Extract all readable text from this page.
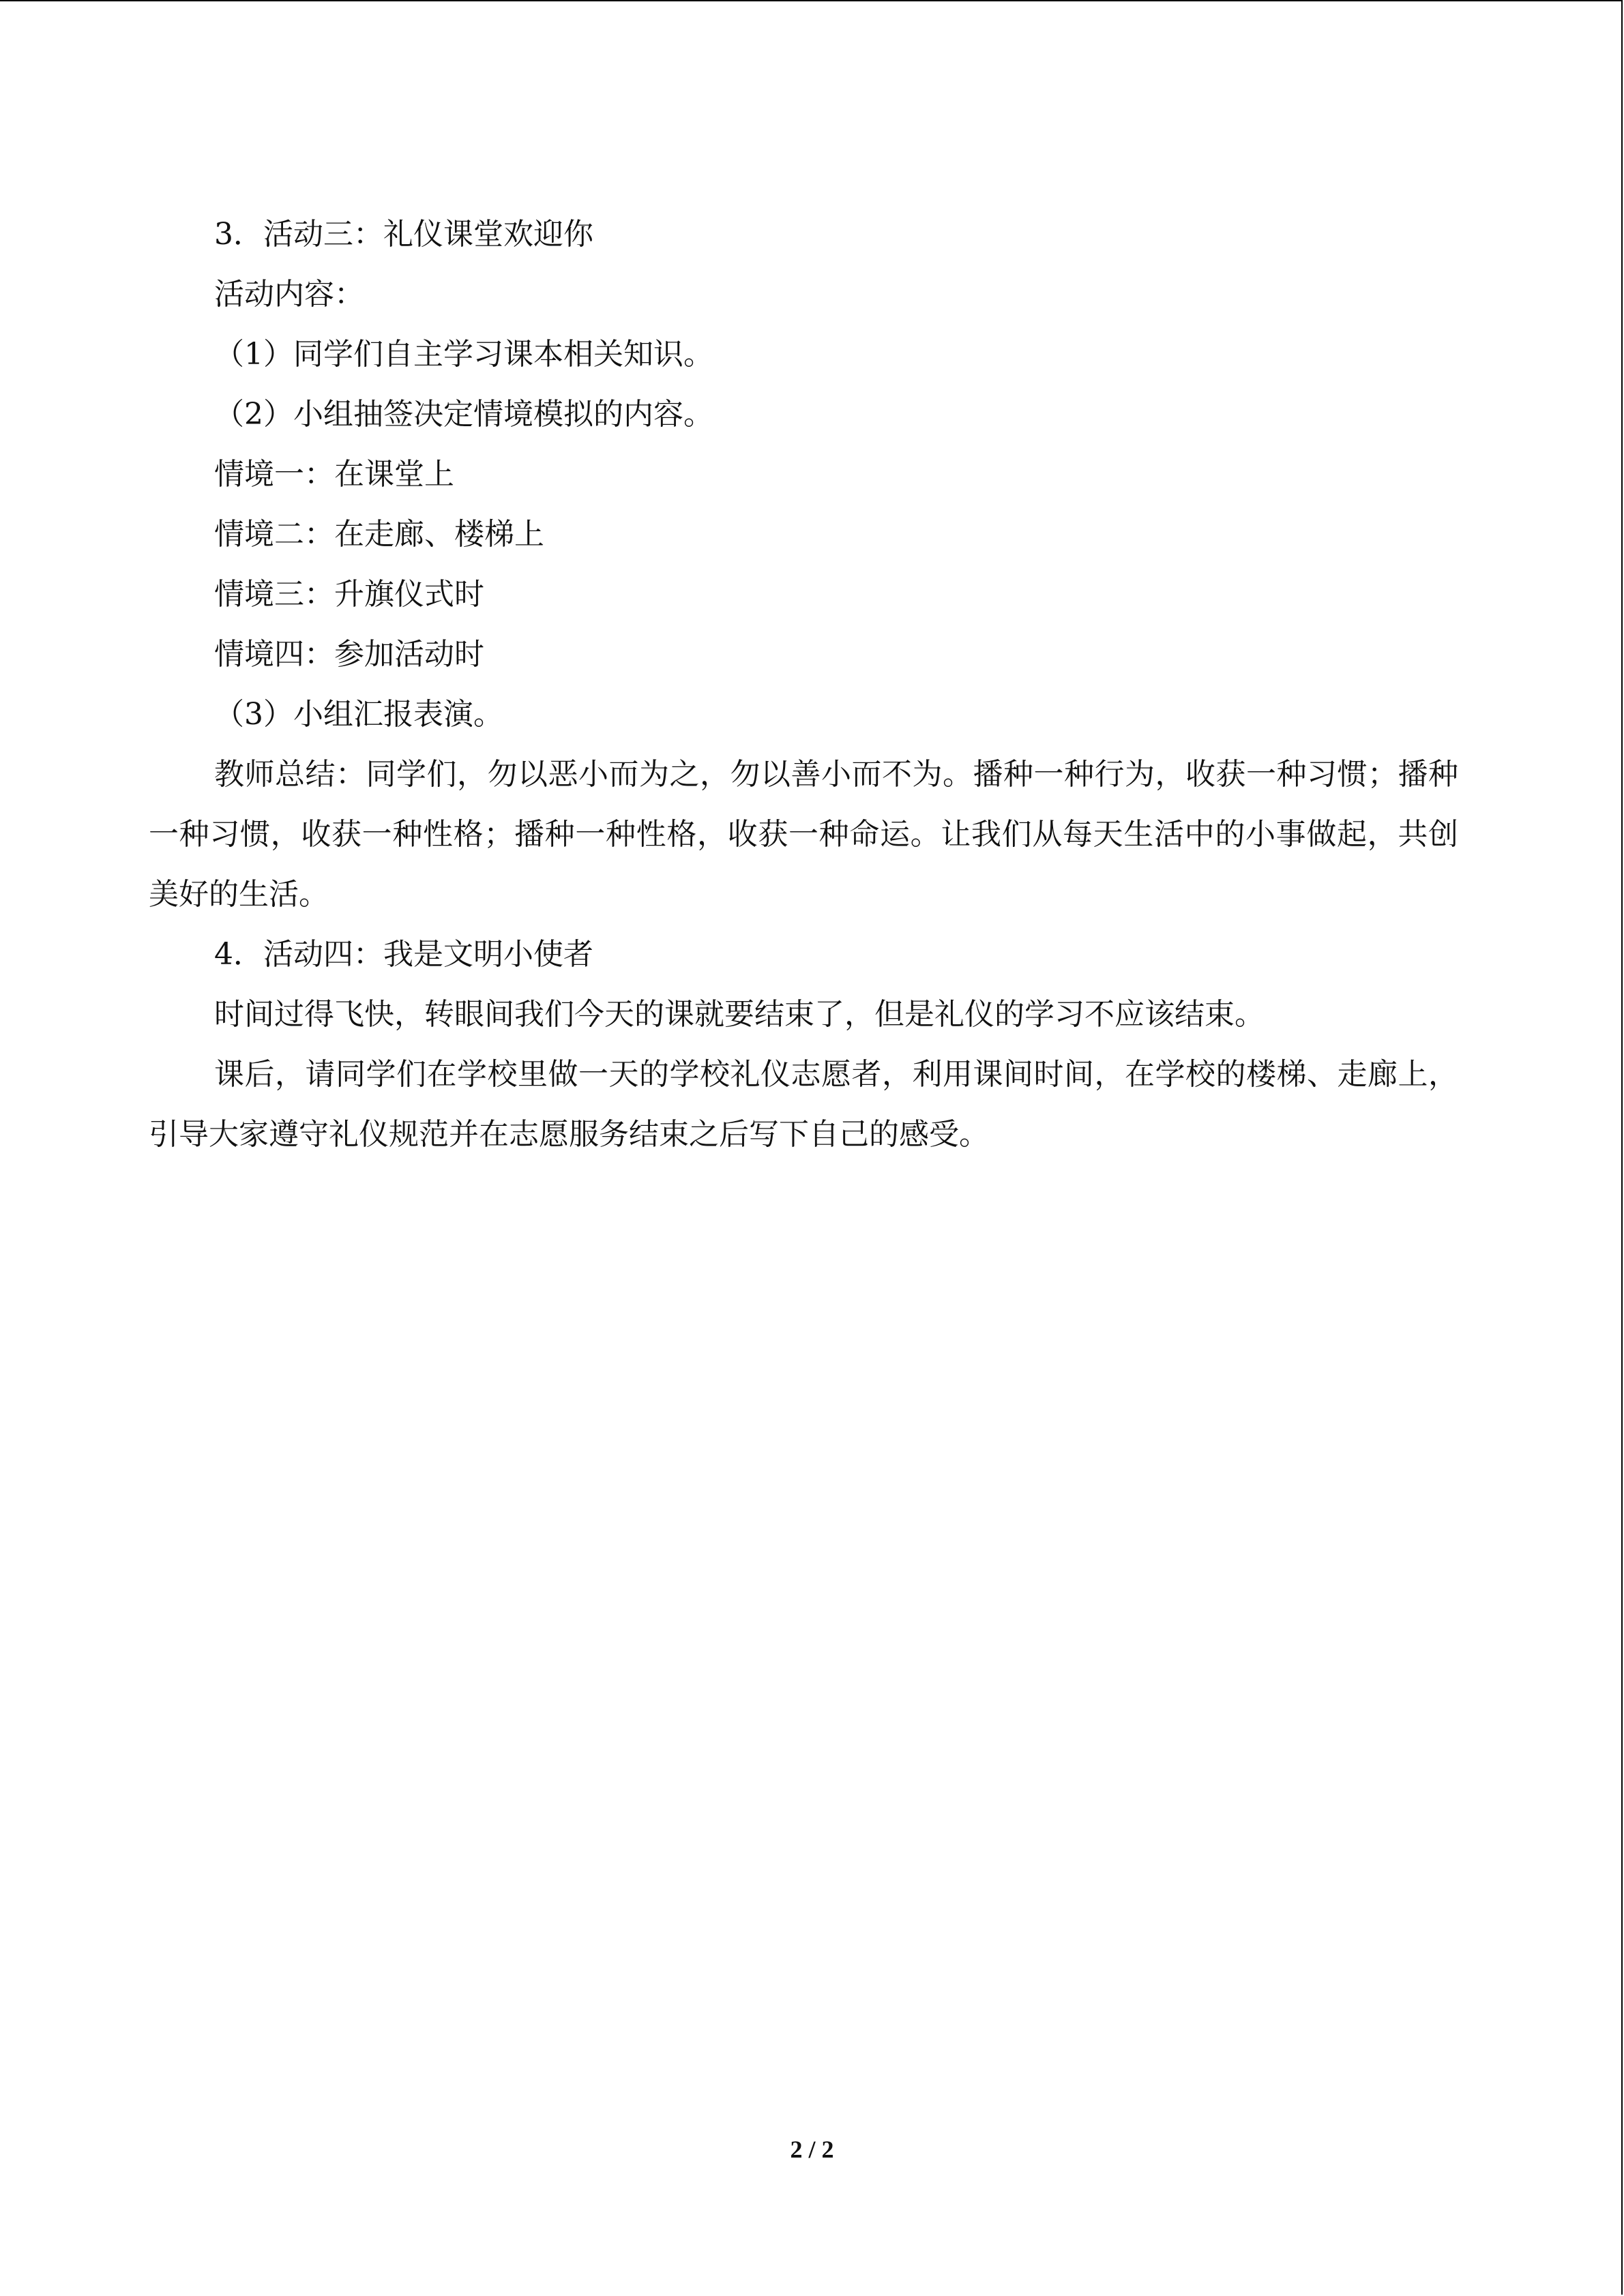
3．活动三：礼仪课堂欢迎你
活动内容：
（1）同学们自主学习课本相关知识。
（2）小组抽签决定情境模拟的内容。
情境一：在课堂上
情境二：在走廊、楼梯上
情境三：升旗仪式时
情境四：参加活动时
（3）小组汇报表演。

教师总结：同学们，勿以恶小而为之，勿以善小而不为。播种一种行为，收获一种习惯；播种一种习惯，收获一种性格；播种一种性格，收获一种命运。让我们从每天生活中的小事做起，共创美好的生活。

4．活动四：我是文明小使者
时间过得飞快，转眼间我们今天的课就要结束了，但是礼仪的学习不应该结束。

课后，请同学们在学校里做一天的学校礼仪志愿者，利用课间时间，在学校的楼梯、走廊上，引导大家遵守礼仪规范并在志愿服务结束之后写下自己的感受。

2 / 2
